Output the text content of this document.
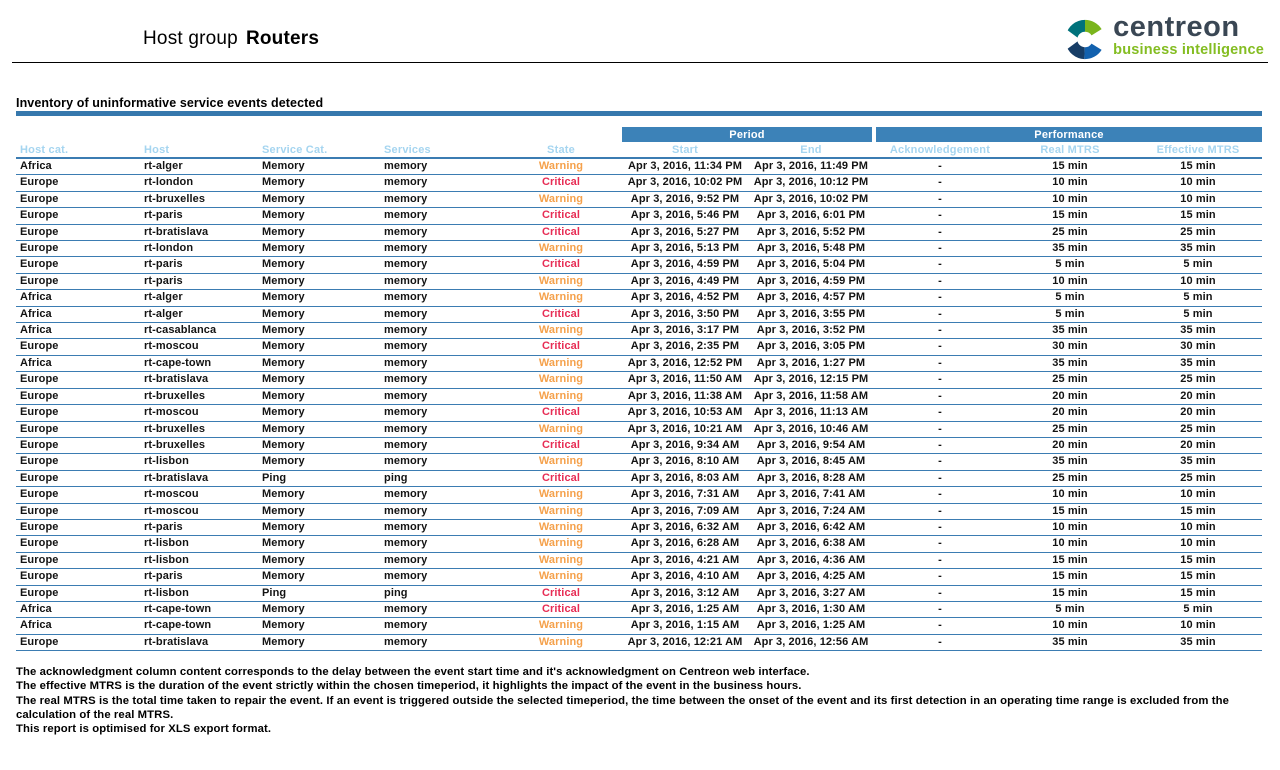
Host group Routers	centreon
business intelligence
Inventory of uninformative service events detected
					Period		Performance		
Host cat.	Host	Service Cat.	Services	State	Start	End	Acknowledgement	Real MTRS	Effective MTRS
Africa	rt-alger	Memory	memory	Warning	Apr 3, 2016, 11:34 PM	Apr 3, 2016, 11:49 PM	-	15 min	15 min
Europe	rt-london	Memory	memory	Critical	Apr 3, 2016, 10:02 PM	Apr 3, 2016, 10:12 PM	-	10 min	10 min
Europe	rt-bruxelles	Memory	memory	Warning	Apr 3, 2016, 9:52 PM	Apr 3, 2016, 10:02 PM	-	10 min	10 min
Europe	rt-paris	Memory	memory	Critical	Apr 3, 2016, 5:46 PM	Apr 3, 2016, 6:01 PM	-	15 min	15 min
Europe	rt-bratislava	Memory	memory	Critical	Apr 3, 2016, 5:27 PM	Apr 3, 2016, 5:52 PM	-	25 min	25 min
Europe	rt-london	Memory	memory	Warning	Apr 3, 2016, 5:13 PM	Apr 3, 2016, 5:48 PM	-	35 min	35 min
Europe	rt-paris	Memory	memory	Critical	Apr 3, 2016, 4:59 PM	Apr 3, 2016, 5:04 PM	-	5 min	5 min
Europe	rt-paris	Memory	memory	Warning	Apr 3, 2016, 4:49 PM	Apr 3, 2016, 4:59 PM	-	10 min	10 min
Africa	rt-alger	Memory	memory	Warning	Apr 3, 2016, 4:52 PM	Apr 3, 2016, 4:57 PM	-	5 min	5 min
Africa	rt-alger	Memory	memory	Critical	Apr 3, 2016, 3:50 PM	Apr 3, 2016, 3:55 PM	-	5 min	5 min
Africa	rt-casablanca	Memory	memory	Warning	Apr 3, 2016, 3:17 PM	Apr 3, 2016, 3:52 PM	-	35 min	35 min
Europe	rt-moscou	Memory	memory	Critical	Apr 3, 2016, 2:35 PM	Apr 3, 2016, 3:05 PM	-	30 min	30 min
Africa	rt-cape-town	Memory	memory	Warning	Apr 3, 2016, 12:52 PM	Apr 3, 2016, 1:27 PM	-	35 min	35 min
Europe	rt-bratislava	Memory	memory	Warning	Apr 3, 2016, 11:50 AM	Apr 3, 2016, 12:15 PM	-	25 min	25 min
Europe	rt-bruxelles	Memory	memory	Warning	Apr 3, 2016, 11:38 AM	Apr 3, 2016, 11:58 AM	-	20 min	20 min
Europe	rt-moscou	Memory	memory	Critical	Apr 3, 2016, 10:53 AM	Apr 3, 2016, 11:13 AM	-	20 min	20 min
Europe	rt-bruxelles	Memory	memory	Warning	Apr 3, 2016, 10:21 AM	Apr 3, 2016, 10:46 AM	-	25 min	25 min
Europe	rt-bruxelles	Memory	memory	Critical	Apr 3, 2016, 9:34 AM	Apr 3, 2016, 9:54 AM	-	20 min	20 min
Europe	rt-lisbon	Memory	memory	Warning	Apr 3, 2016, 8:10 AM	Apr 3, 2016, 8:45 AM	-	35 min	35 min
Europe	rt-bratislava	Ping	ping	Critical	Apr 3, 2016, 8:03 AM	Apr 3, 2016, 8:28 AM	-	25 min	25 min
Europe	rt-moscou	Memory	memory	Warning	Apr 3, 2016, 7:31 AM	Apr 3, 2016, 7:41 AM	-	10 min	10 min
Europe	rt-moscou	Memory	memory	Warning	Apr 3, 2016, 7:09 AM	Apr 3, 2016, 7:24 AM	-	15 min	15 min
Europe	rt-paris	Memory	memory	Warning	Apr 3, 2016, 6:32 AM	Apr 3, 2016, 6:42 AM	-	10 min	10 min
Europe	rt-lisbon	Memory	memory	Warning	Apr 3, 2016, 6:28 AM	Apr 3, 2016, 6:38 AM	-	10 min	10 min
Europe	rt-lisbon	Memory	memory	Warning	Apr 3, 2016, 4:21 AM	Apr 3, 2016, 4:36 AM	-	15 min	15 min
Europe	rt-paris	Memory	memory	Warning	Apr 3, 2016, 4:10 AM	Apr 3, 2016, 4:25 AM	-	15 min	15 min
Europe	rt-lisbon	Ping	ping	Critical	Apr 3, 2016, 3:12 AM	Apr 3, 2016, 3:27 AM	-	15 min	15 min
Africa	rt-cape-town	Memory	memory	Critical	Apr 3, 2016, 1:25 AM	Apr 3, 2016, 1:30 AM	-	5 min	5 min
Africa	rt-cape-town	Memory	memory	Warning	Apr 3, 2016, 1:15 AM	Apr 3, 2016, 1:25 AM	-	10 min	10 min
Europe	rt-bratislava	Memory	memory	Warning	Apr 3, 2016, 12:21 AM	Apr 3, 2016, 12:56 AM	-	35 min	35 min
The acknowledgment column content corresponds to the delay between the event start time and it's acknowledgment on Centreon web interface.
The effective MTRS is the duration of the event strictly within the chosen timeperiod, it highlights the impact of the event in the business hours.
The real MTRS is the total time taken to repair the event. If an event is triggered outside the selected timeperiod, the time between the onset of the event and its first detection in an operating time range is excluded from the calculation of the real MTRS.
This report is optimised for XLS export format.
